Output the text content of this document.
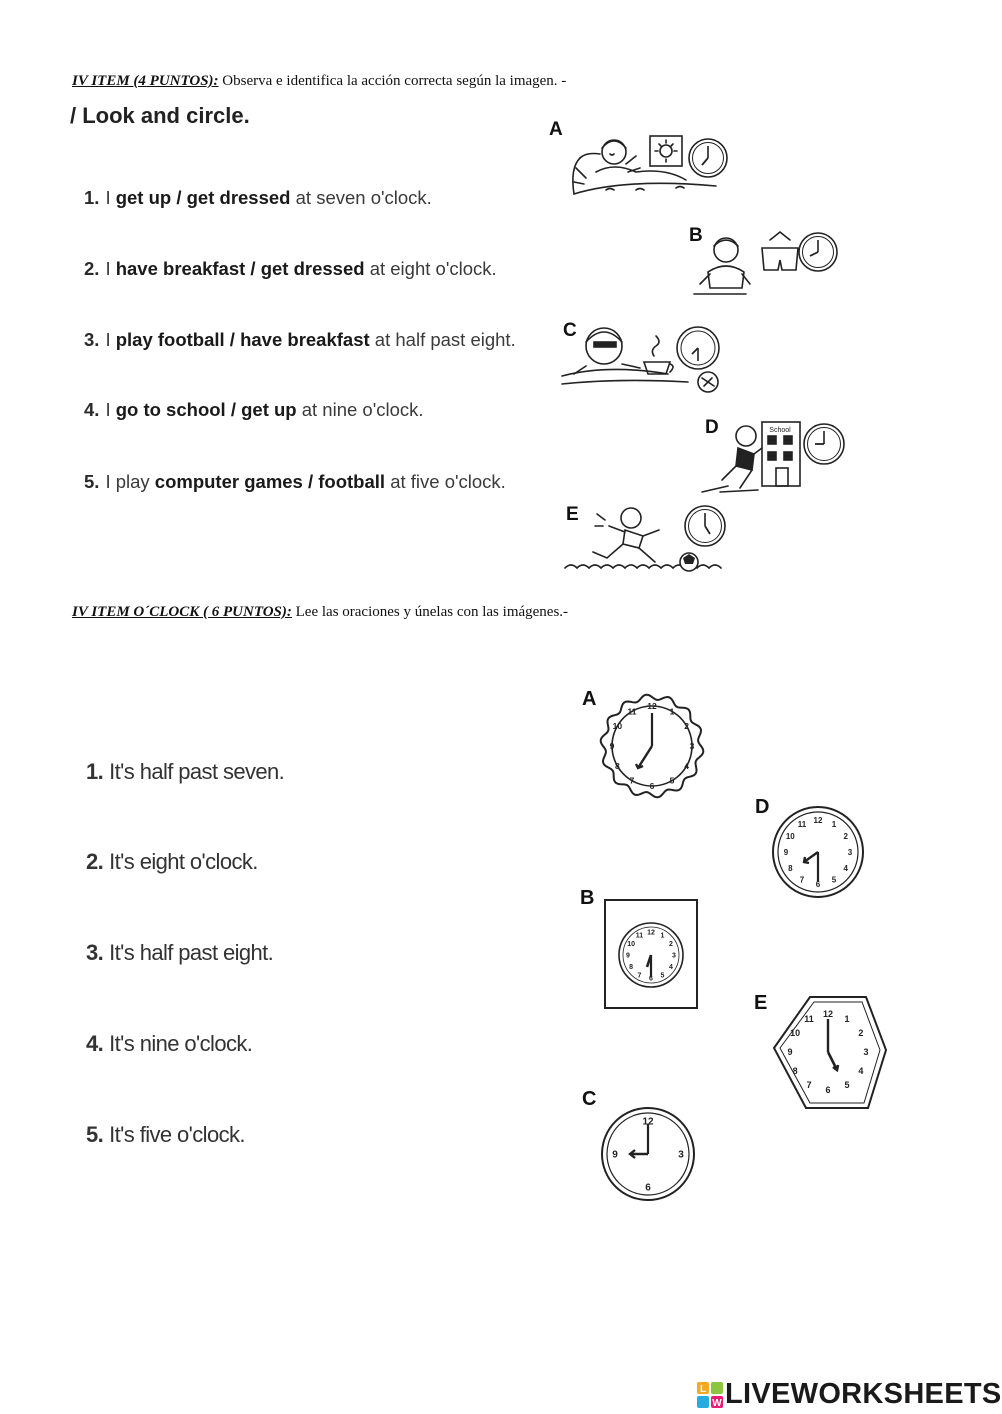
IV ITEM (4 PUNTOS): Observa e identifica la acción correcta según la imagen. -
/ Look and circle.
1. I get up / get dressed at seven o'clock.
2. I have breakfast / get dressed at eight o'clock.
3. I play football / have breakfast at half past eight.
4. I go to school / get up at nine o'clock.
5. I play computer games / football at five o'clock.
A
B
C
D	School
E
IV ITEM O´CLOCK ( 6 PUNTOS): Lee las oraciones y únelas con las imágenes.-
1. It's half past seven.
2. It's eight o'clock.
3. It's half past eight.
4. It's nine o'clock.
5. It's five o'clock.
A
B
C
D
E
12
1
2
3
4
5
6
7
8
9
10
11
12 1
2
3
4
5
6
7
8
9
10
11
12
3
6
9
12 1
2
3
4
5
6
7
8
9
10
11
12
1
2
3
4
5
6
7
8
9
10
11
L
W LIVEWORKSHEETS
